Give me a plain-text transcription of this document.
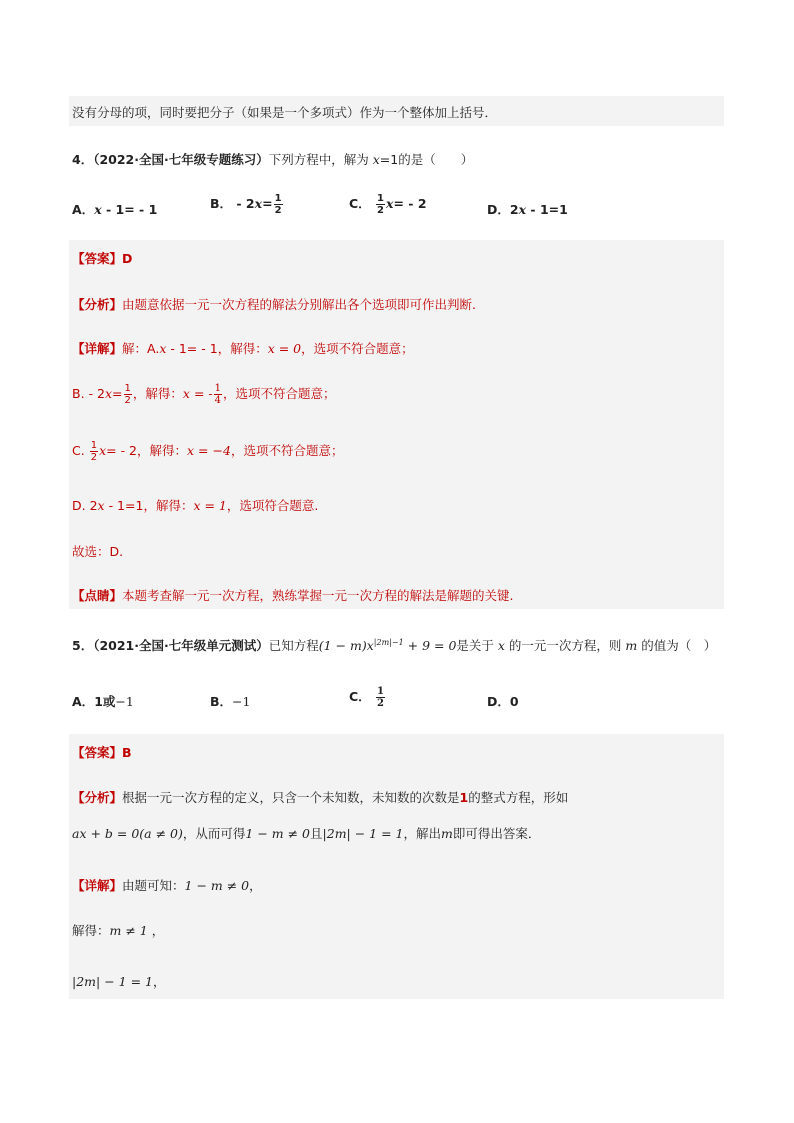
没有分母的项，同时要把分子（如果是一个多项式）作为一个整体加上括号．
4．（2022·全国·七年级专题练习）下列方程中，解为 x=1的是（　　）
A．x - 1= - 1	B． - $2x= \frac{1}{2}$	C． $\frac{1}{2} x= - 2$	D．2x - 1=1
【答案】D
【分析】由题意依据一元一次方程的解法分别解出各个选项即可作出判断.
【详解】解：A.x - 1= - 1，解得：x = 0，选项不符合题意；
B. - $2x= \frac{1}{2}$ ，解得：x = - $\frac{1}{4}$ ，选项不符合题意；
C. $\frac{1}{2} x= - 2$，解得：x = −4，选项不符合题意；
D. 2x - 1=1，解得：x = 1，选项符合题意.
故选：D.
【点睛】本题考查解一元一次方程，熟练掌握一元一次方程的解法是解题的关键.
5．（2021·全国·七年级单元测试）已知方程$(1 - m)x^{|2m|-1} + 9 = 0$是关于 x 的一元一次方程，则 m 的值为（　）
A．1或−1	B．−1	C． $\frac{1}{2}$	D．0
【答案】B
【分析】根据一元一次方程的定义，只含一个未知数，未知数的次数是1的整式方程，形如
ax + b = 0(a ≠ 0)，从而可得1 − m ≠ 0且|2m| − 1 = 1，解出m即可得出答案．
【详解】由题可知：1 − m ≠ 0，
解得：m ≠ 1 ，
|2m| − 1 = 1，
